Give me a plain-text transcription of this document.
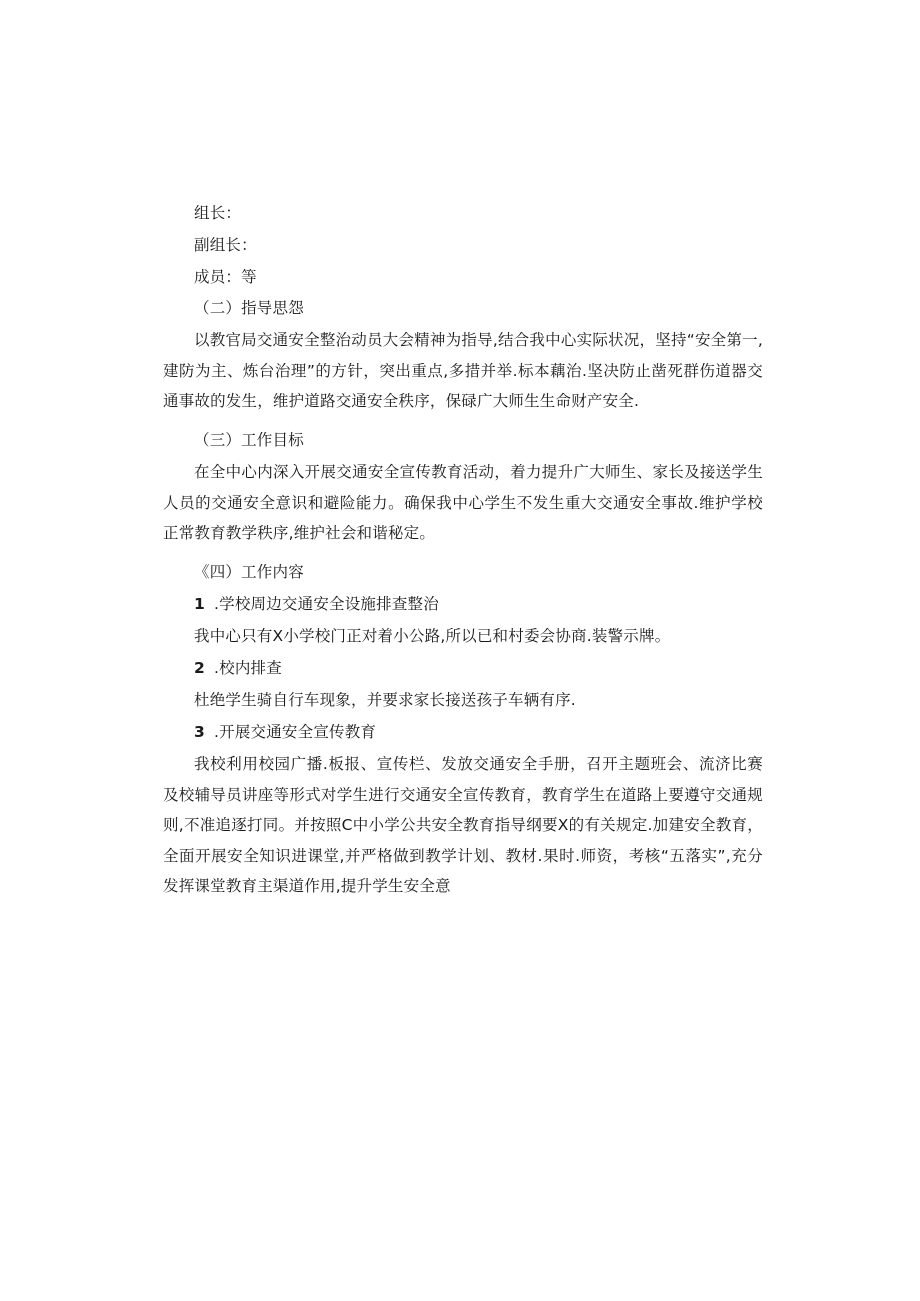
组长：
副组长：
成员：等
（二）指导思怨
以教官局交通安全整治动员大会精神为指导,结合我中心实际状况，坚持“安全第一,建防为主、炼台治理”的方针，突出重点,多措并举.标本藕治.坚决防止凿死群伤道器交通事故的发生，维护道路交通安全秩序，保碌广大师生生命财产安全.
（三）工作目标
在全中心内深入开展交通安全宣传教育活动，着力提升广大师生、家长及接送学生人员的交通安全意识和避险能力。确保我中心学生不发生重大交通安全事故.维护学校正常教育教学秩序,维护社会和谐秘定。
《四）工作内容
1 .学校周边交通安全设施排查整治
我中心只有X小学校门正对着小公路,所以已和村委会协商.装警示牌。
2 .校内排查
杜绝学生骑自行车现象，并要求家长接送孩子车辆有序.
3 .开展交通安全宣传教育
我校利用校园广播.板报、宣传栏、发放交通安全手册，召开主题班会、流济比赛及校辅导员讲座等形式对学生进行交通安全宣传教育，教育学生在道路上要遵守交通规则,不准追逐打同。并按照C中小学公共安全教育指导纲要X的有关规定.加建安全教育，全面开展安全知识进课堂,并严格做到教学计划、教材.果时.师资，考核“五落实”,充分发挥课堂教育主渠道作用,提升学生安全意
